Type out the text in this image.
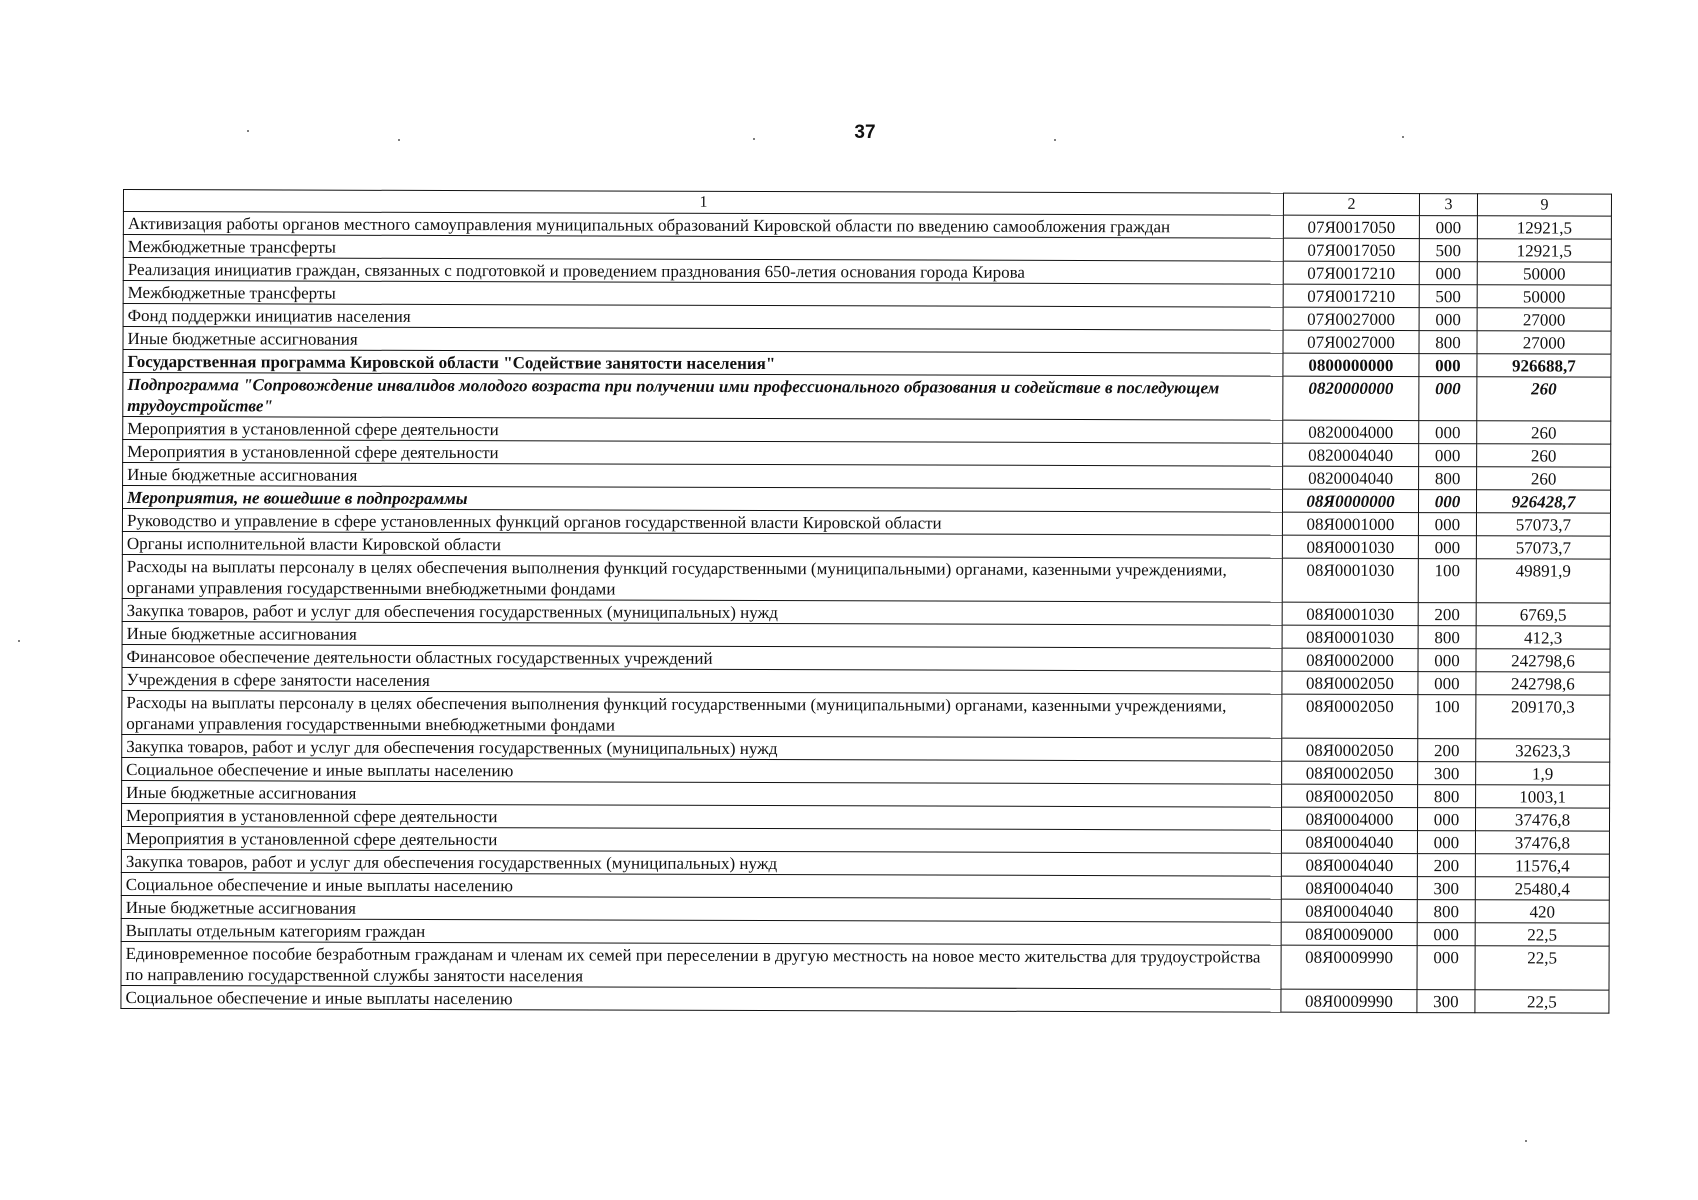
37
1	2	3	9
Активизация работы органов местного самоуправления муниципальных образований Кировской области по введению самообложения граждан	07Я0017050	000	12921,5
Межбюджетные трансферты	07Я0017050	500	12921,5
Реализация инициатив граждан, связанных с подготовкой и проведением празднования 650-летия основания города Кирова	07Я0017210	000	50000
Межбюджетные трансферты	07Я0017210	500	50000
Фонд поддержки инициатив населения	07Я0027000	000	27000
Иные бюджетные ассигнования	07Я0027000	800	27000
Государственная программа Кировской области "Содействие занятости населения"	0800000000	000	926688,7
Подпрограмма "Сопровождение инвалидов молодого возраста при получении ими профессионального образования и содействие в последующем трудоустройстве"	0820000000	000	260
Мероприятия в установленной сфере деятельности	0820004000	000	260
Мероприятия в установленной сфере деятельности	0820004040	000	260
Иные бюджетные ассигнования	0820004040	800	260
Мероприятия, не вошедшие в подпрограммы	08Я0000000	000	926428,7
Руководство и управление в сфере установленных функций органов государственной власти Кировской области	08Я0001000	000	57073,7
Органы исполнительной власти Кировской области	08Я0001030	000	57073,7
Расходы на выплаты персоналу в целях обеспечения выполнения функций государственными (муниципальными) органами, казенными учреждениями, органами управления государственными внебюджетными фондами	08Я0001030	100	49891,9
Закупка товаров, работ и услуг для обеспечения государственных (муниципальных) нужд	08Я0001030	200	6769,5
Иные бюджетные ассигнования	08Я0001030	800	412,3
Финансовое обеспечение деятельности областных государственных учреждений	08Я0002000	000	242798,6
Учреждения в сфере занятости населения	08Я0002050	000	242798,6
Расходы на выплаты персоналу в целях обеспечения выполнения функций государственными (муниципальными) органами, казенными учреждениями, органами управления государственными внебюджетными фондами	08Я0002050	100	209170,3
Закупка товаров, работ и услуг для обеспечения государственных (муниципальных) нужд	08Я0002050	200	32623,3
Социальное обеспечение и иные выплаты населению	08Я0002050	300	1,9
Иные бюджетные ассигнования	08Я0002050	800	1003,1
Мероприятия в установленной сфере деятельности	08Я0004000	000	37476,8
Мероприятия в установленной сфере деятельности	08Я0004040	000	37476,8
Закупка товаров, работ и услуг для обеспечения государственных (муниципальных) нужд	08Я0004040	200	11576,4
Социальное обеспечение и иные выплаты населению	08Я0004040	300	25480,4
Иные бюджетные ассигнования	08Я0004040	800	420
Выплаты отдельным категориям граждан	08Я0009000	000	22,5
Единовременное пособие безработным гражданам и членам их семей при переселении в другую местность на новое место жительства для трудоустройства по направлению государственной службы занятости населения	08Я0009990	000	22,5
Социальное обеспечение и иные выплаты населению	08Я0009990	300	22,5
